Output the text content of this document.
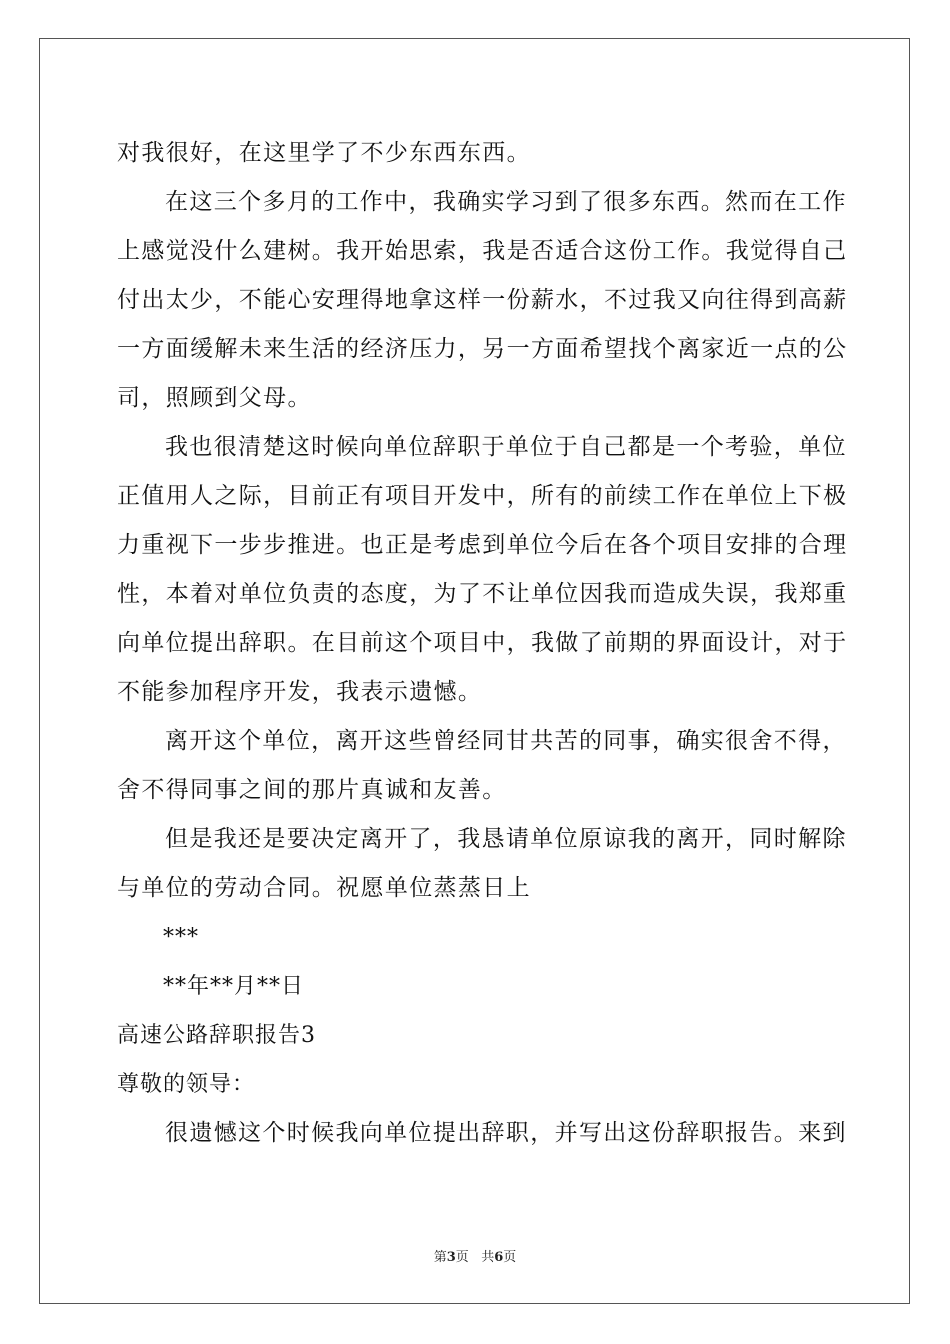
对我很好，在这里学了不少东西东西。
在这三个多月的工作中，我确实学习到了很多东西。然而在工作
上感觉没什么建树。我开始思索，我是否适合这份工作。我觉得自己
付出太少，不能心安理得地拿这样一份薪水，不过我又向往得到高薪
一方面缓解未来生活的经济压力，另一方面希望找个离家近一点的公
司，照顾到父母。
我也很清楚这时候向单位辞职于单位于自己都是一个考验，单位
正值用人之际，目前正有项目开发中，所有的前续工作在单位上下极
力重视下一步步推进。也正是考虑到单位今后在各个项目安排的合理
性，本着对单位负责的态度，为了不让单位因我而造成失误，我郑重
向单位提出辞职。在目前这个项目中，我做了前期的界面设计，对于
不能参加程序开发，我表示遗憾。
离开这个单位，离开这些曾经同甘共苦的同事，确实很舍不得，
舍不得同事之间的那片真诚和友善。
但是我还是要决定离开了，我恳请单位原谅我的离开，同时解除
与单位的劳动合同。祝愿单位蒸蒸日上
***
**年**月**日
高速公路辞职报告3
尊敬的领导：
很遗憾这个时候我向单位提出辞职，并写出这份辞职报告。来到
第3页 共6页
